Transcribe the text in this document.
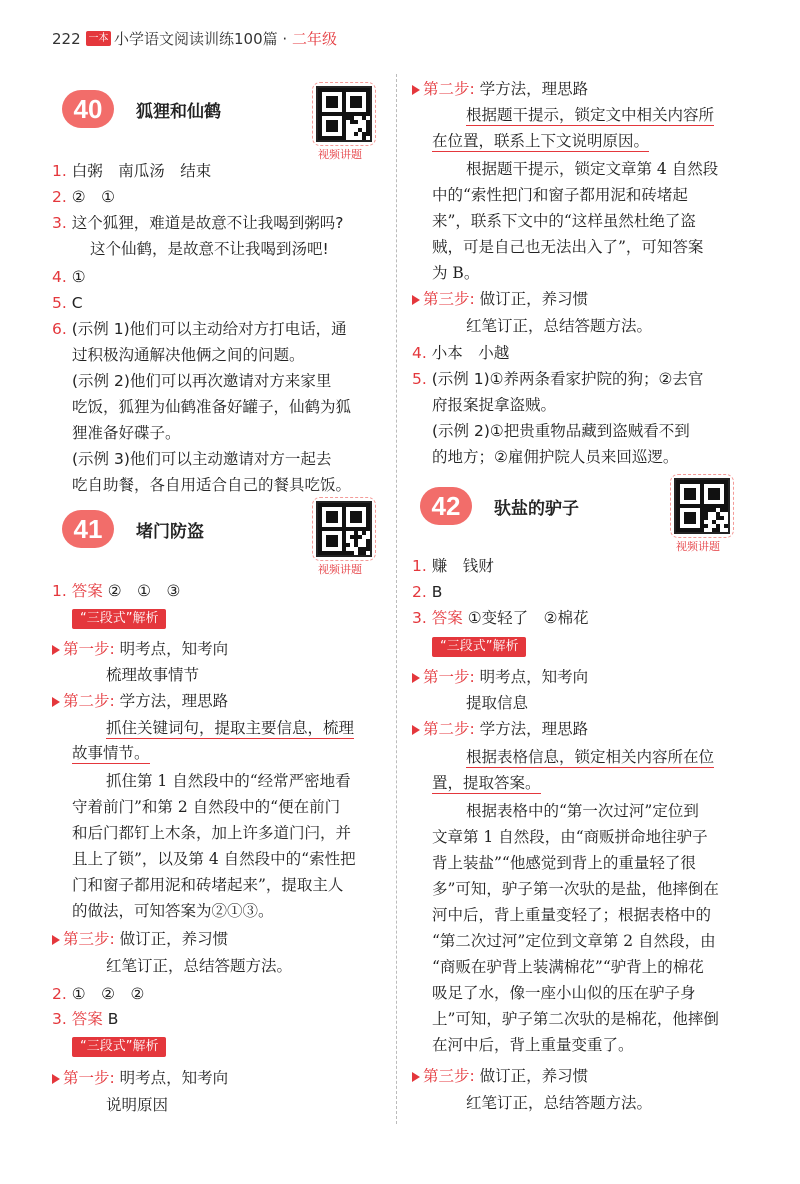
222 一本 小学语文阅读训练100篇 · 二年级
40	狐狸和仙鹤
视频讲题
1. 白粥　南瓜汤　结束
2. ②　①
3. 这个狐狸，难道是故意不让我喝到粥吗?
这个仙鹤，是故意不让我喝到汤吧!
4. ①
5. C
6. (示例 1)他们可以主动给对方打电话，通
过积极沟通解决他俩之间的问题。
(示例 2)他们可以再次邀请对方来家里
吃饭，狐狸为仙鹤准备好罐子，仙鹤为狐
狸准备好碟子。
(示例 3)他们可以主动邀请对方一起去
吃自助餐，各自用适合自己的餐具吃饭。
41	堵门防盗
视频讲题
1. 答案 ②　①　③
“三段式”解析
第一步: 明考点，知考向
梳理故事情节
第二步: 学方法，理思路
抓住关键词句，提取主要信息，梳理
故事情节。
抓住第 1 自然段中的“经常严密地看
守着前门”和第 2 自然段中的“便在前门
和后门都钉上木条，加上许多道门闩，并
且上了锁”，以及第 4 自然段中的“索性把
门和窗子都用泥和砖堵起来”，提取主人
的做法，可知答案为②①③。
第三步: 做订正，养习惯
红笔订正，总结答题方法。
2. ①　②　②
3. 答案 B
“三段式”解析
第一步: 明考点，知考向
说明原因
第二步: 学方法，理思路
根据题干提示，锁定文中相关内容所
在位置，联系上下文说明原因。
根据题干提示，锁定文章第 4 自然段
中的“索性把门和窗子都用泥和砖堵起
来”，联系下文中的“这样虽然杜绝了盗
贼，可是自己也无法出入了”，可知答案
为 B。
第三步: 做订正，养习惯
红笔订正，总结答题方法。
4. 小本　小越
5. (示例 1)①养两条看家护院的狗；②去官
府报案捉拿盗贼。
(示例 2)①把贵重物品藏到盗贼看不到
的地方；②雇佣护院人员来回巡逻。
42	驮盐的驴子
视频讲题
1. 赚　钱财
2. B
3. 答案 ①变轻了　②棉花
“三段式”解析
第一步: 明考点，知考向
提取信息
第二步: 学方法，理思路
根据表格信息，锁定相关内容所在位
置，提取答案。
根据表格中的“第一次过河”定位到
文章第 1 自然段，由“商贩拼命地往驴子
背上装盐”“他感觉到背上的重量轻了很
多”可知，驴子第一次驮的是盐，他摔倒在
河中后，背上重量变轻了；根据表格中的
“第二次过河”定位到文章第 2 自然段，由
“商贩在驴背上装满棉花”“驴背上的棉花
吸足了水，像一座小山似的压在驴子身
上”可知，驴子第二次驮的是棉花，他摔倒
在河中后，背上重量变重了。
第三步: 做订正，养习惯
红笔订正，总结答题方法。
